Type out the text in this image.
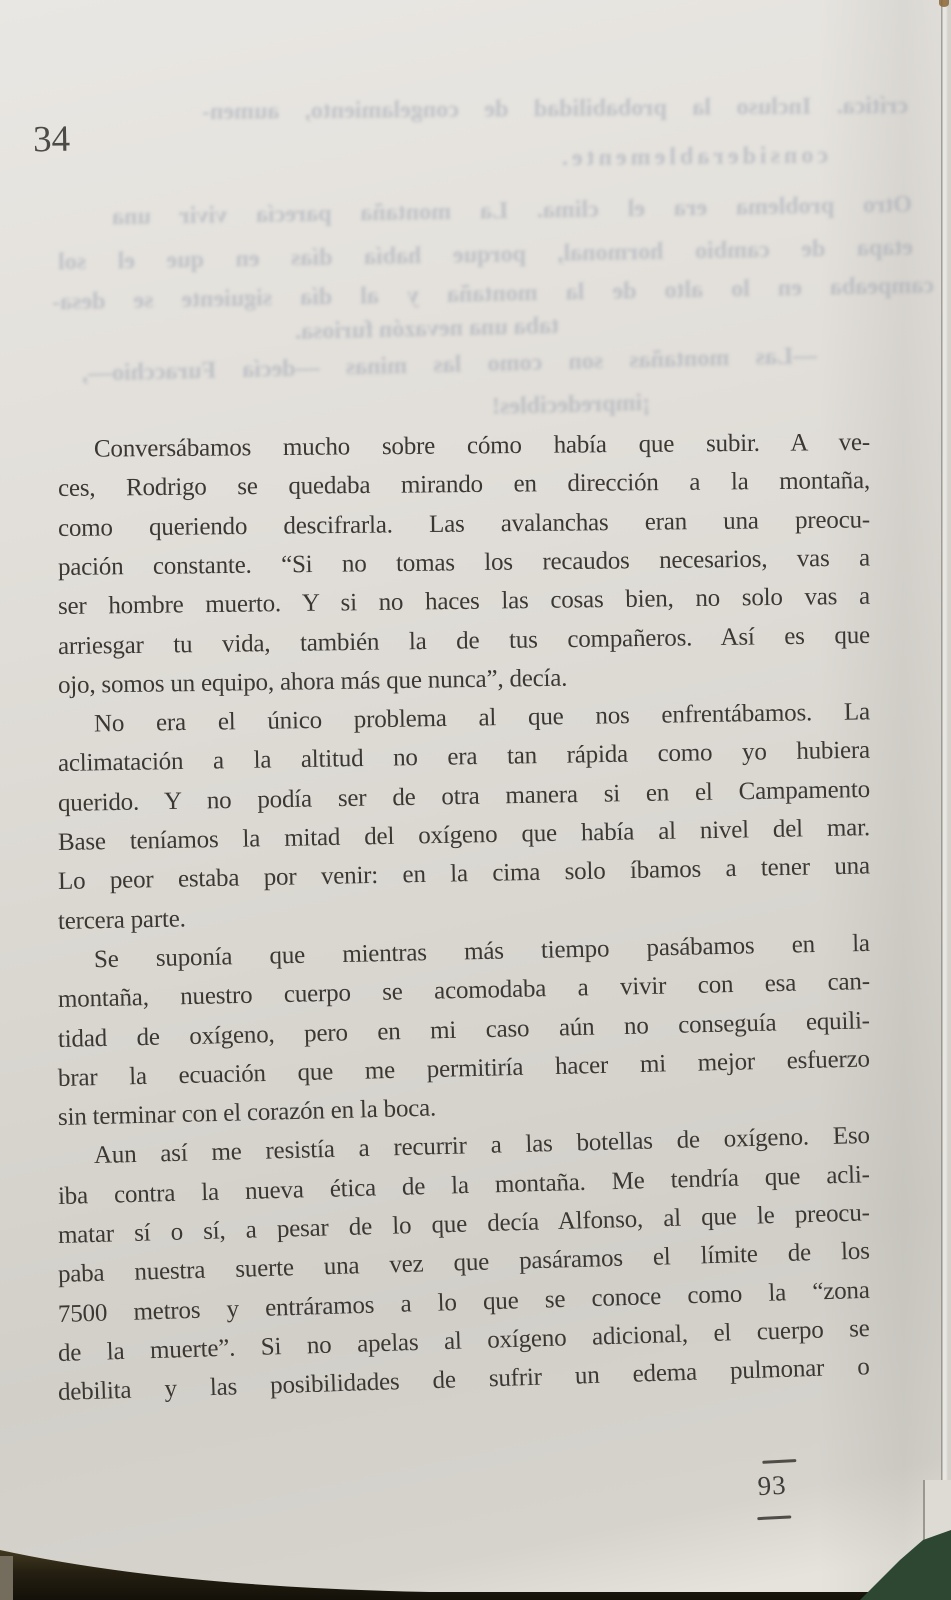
crítica. Incluso la probabilidad de congelamiento, aumen-
considerablemente.
Otro problema era el clima. La montaña parecía vivir una
etapa de cambio hormonal, porque había días en que el sol
campeaba en lo alto de la montaña y al día siguiente se desa-
taba una nevazón furiosa.
—Las montañas son como las minas —decía Furacchio—,
¡impredecibles!
34
Conversábamos mucho sobre cómo había que subir. A ve-
ces, Rodrigo se quedaba mirando en dirección a la montaña,
como queriendo descifrarla. Las avalanchas eran una preocu-
pación constante. “Si no tomas los recaudos necesarios, vas a
ser hombre muerto. Y si no haces las cosas bien, no solo vas a
arriesgar tu vida, también la de tus compañeros. Así es que
ojo, somos un equipo, ahora más que nunca”, decía.
No era el único problema al que nos enfrentábamos. La
aclimatación a la altitud no era tan rápida como yo hubiera
querido. Y no podía ser de otra manera si en el Campamento
Base teníamos la mitad del oxígeno que había al nivel del mar.
Lo peor estaba por venir: en la cima solo íbamos a tener una
tercera parte.
Se suponía que mientras más tiempo pasábamos en la
montaña, nuestro cuerpo se acomodaba a vivir con esa can-
tidad de oxígeno, pero en mi caso aún no conseguía equili-
brar la ecuación que me permitiría hacer mi mejor esfuerzo
sin terminar con el corazón en la boca.
Aun así me resistía a recurrir a las botellas de oxígeno. Eso
iba contra la nueva ética de la montaña. Me tendría que acli-
matar sí o sí, a pesar de lo que decía Alfonso, al que le preocu-
paba nuestra suerte una vez que pasáramos el límite de los
7500 metros y entráramos a lo que se conoce como la “zona
de la muerte”. Si no apelas al oxígeno adicional, el cuerpo se
debilita y las posibilidades de sufrir un edema pulmonar o
93
